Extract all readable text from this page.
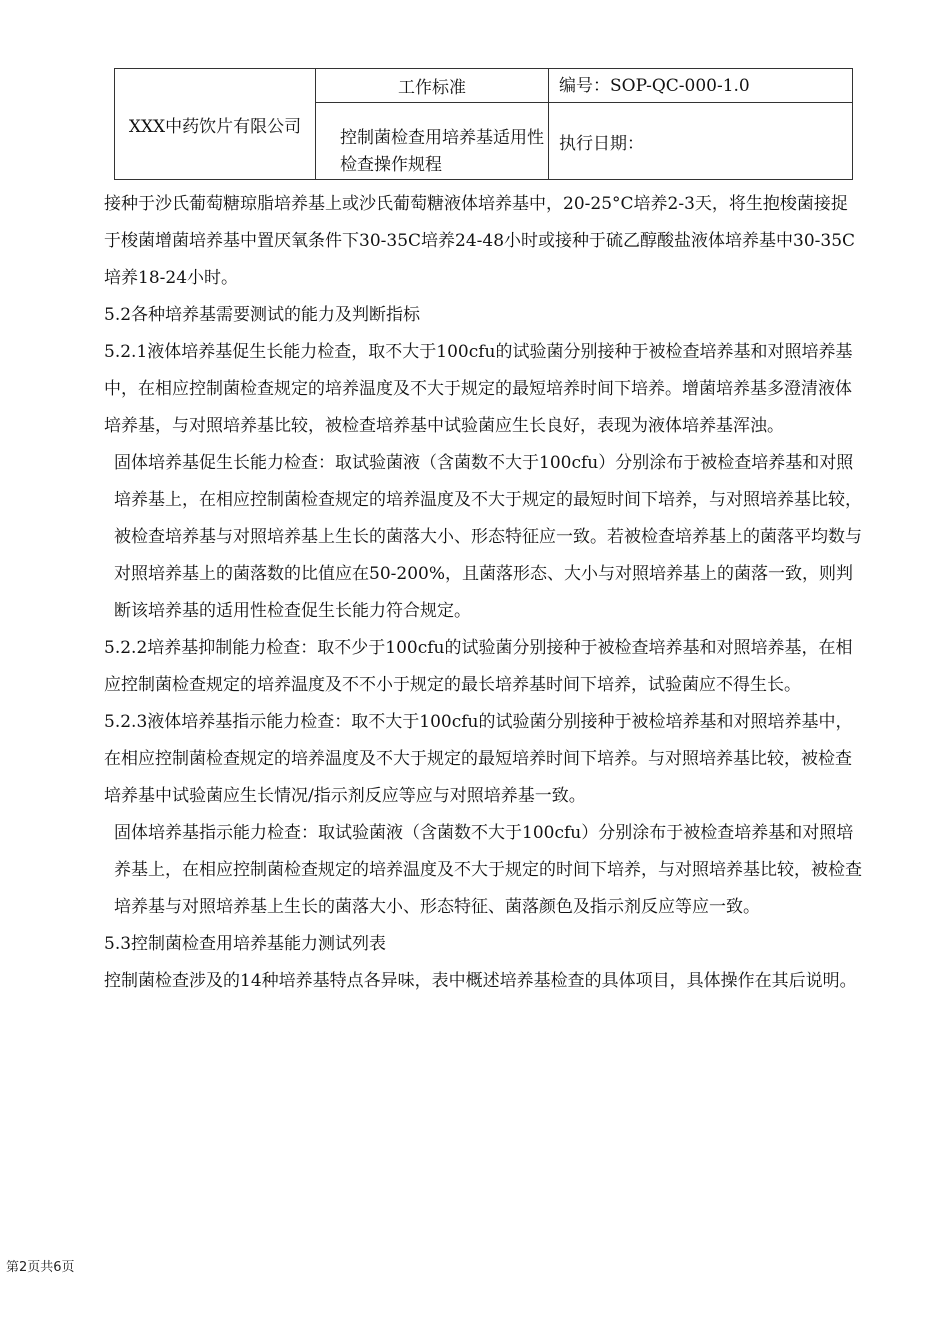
XXX中药饮片有限公司	工作标准	编号：SOP-QC-000-1.0
	控制菌检查用培养基适用性检查操作规程	执行日期：

接种于沙氏葡萄糖琼脂培养基上或沙氏葡萄糖液体培养基中，20-25°C培养2-3天，将生抱梭菌接捉于梭菌增菌培养基中置厌氧条件下30-35C培养24-48小时或接种于硫乙醇酸盐液体培养基中30-35C培养18-24小时。

5.2各种培养基需要测试的能力及判断指标

5.2.1液体培养基促生长能力检查，取不大于100cfu的试验菌分别接种于被检查培养基和对照培养基中，在相应控制菌检查规定的培养温度及不大于规定的最短培养时间下培养。增菌培养基多澄清液体培养基，与对照培养基比较，被检查培养基中试验菌应生长良好，表现为液体培养基浑浊。

固体培养基促生长能力检查：取试验菌液（含菌数不大于100cfu）分别涂布于被检查培养基和对照培养基上，在相应控制菌检查规定的培养温度及不大于规定的最短时间下培养，与对照培养基比较，被检查培养基与对照培养基上生长的菌落大小、形态特征应一致。若被检查培养基上的菌落平均数与对照培养基上的菌落数的比值应在50-200%，且菌落形态、大小与对照培养基上的菌落一致，则判断该培养基的适用性检查促生长能力符合规定。

5.2.2培养基抑制能力检查：取不少于100cfu的试验菌分别接种于被检查培养基和对照培养基，在相应控制菌检查规定的培养温度及不不小于规定的最长培养基时间下培养，试验菌应不得生长。

5.2.3液体培养基指示能力检查：取不大于100cfu的试验菌分别接种于被检培养基和对照培养基中，在相应控制菌检查规定的培养温度及不大于规定的最短培养时间下培养。与对照培养基比较，被检查培养基中试验菌应生长情况/指示剂反应等应与对照培养基一致。

固体培养基指示能力检查：取试验菌液（含菌数不大于100cfu）分别涂布于被检查培养基和对照培养基上，在相应控制菌检查规定的培养温度及不大于规定的时间下培养，与对照培养基比较，被检查培养基与对照培养基上生长的菌落大小、形态特征、菌落颜色及指示剂反应等应一致。

5.3控制菌检查用培养基能力测试列表

控制菌检查涉及的14种培养基特点各异味，表中概述培养基检查的具体项目，具体操作在其后说明。

第2页共6页
